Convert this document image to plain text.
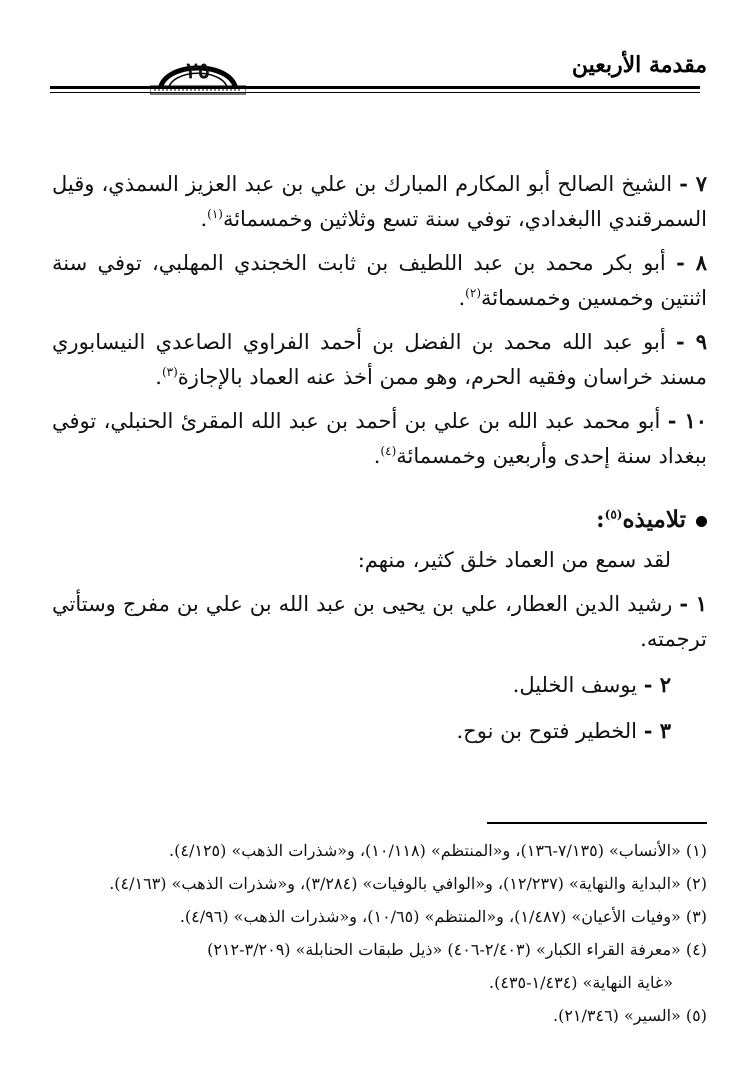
مقدمة الأربعين
٢٥

٧ - الشيخ الصالح أبو المكارم المبارك بن علي بن عبد العزيز السمذي، وقيل السمرقندي االبغدادي، توفي سنة تسع وثلاثين وخمسمائة$^{(١)}$.

٨ - أبو بكر محمد بن عبد اللطيف بن ثابت الخجندي المهلبي، توفي سنة اثنتين وخمسين وخمسمائة$^{(٢)}$.

٩ - أبو عبد الله محمد بن الفضل بن أحمد الفراوي الصاعدي النيسابوري مسند خراسان وفقيه الحرم، وهو ممن أخذ عنه العماد بالإجازة$^{(٣)}$.

١٠ - أبو محمد عبد الله بن علي بن أحمد بن عبد الله المقرئ الحنبلي، توفي ببغداد سنة إحدى وأربعين وخمسمائة$^{(٤)}$.

تلاميذه$^{(٥)}$:

لقد سمع من العماد خلق كثير، منهم:

١ - رشيد الدين العطار، علي بن يحيى بن عبد الله بن علي بن مفرج وستأتي ترجمته.

٢ - يوسف الخليل.

٣ - الخطير فتوح بن نوح.

(١) «الأنساب» (٧/١٣٥-١٣٦)، و«المنتظم» (١٠/١١٨)، و«شذرات الذهب» (٤/١٢٥).

(٢) «البداية والنهاية» (١٢/٢٣٧)، و«الوافي بالوفيات» (٣/٢٨٤)، و«شذرات الذهب» (٤/١٦٣).

(٣) «وفيات الأعيان» (١/٤٨٧)، و«المنتظم» (١٠/٦٥)، و«شذرات الذهب» (٤/٩٦).

(٤) «معرفة القراء الكبار» (٢/٤٠٣-٤٠٦) «ذيل طبقات الحنابلة» (٣/٢٠٩-٢١٢)

«غاية النهاية» (١/٤٣٤-٤٣٥).

(٥) «السير» (٢١/٣٤٦).
